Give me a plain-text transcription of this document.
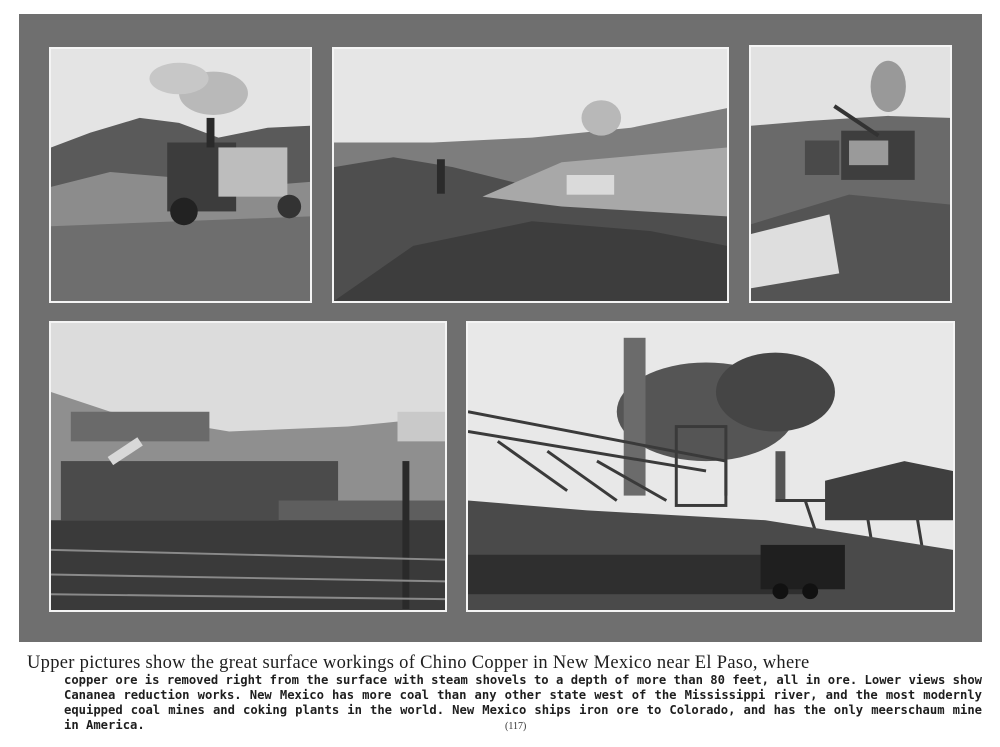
Upper pictures show the great surface workings of Chino Copper in New Mexico near El Paso, where
copper ore is removed right from the surface with steam shovels to a depth of more than 80 feet, all in ore. Lower views show Cananea reduction works. New Mexico has more coal than any other state west of the Mississippi river, and the most modernly equipped coal mines and coking plants in the world. New Mexico ships iron ore to Colorado, and has the only meerschaum mine in America.	(117)
